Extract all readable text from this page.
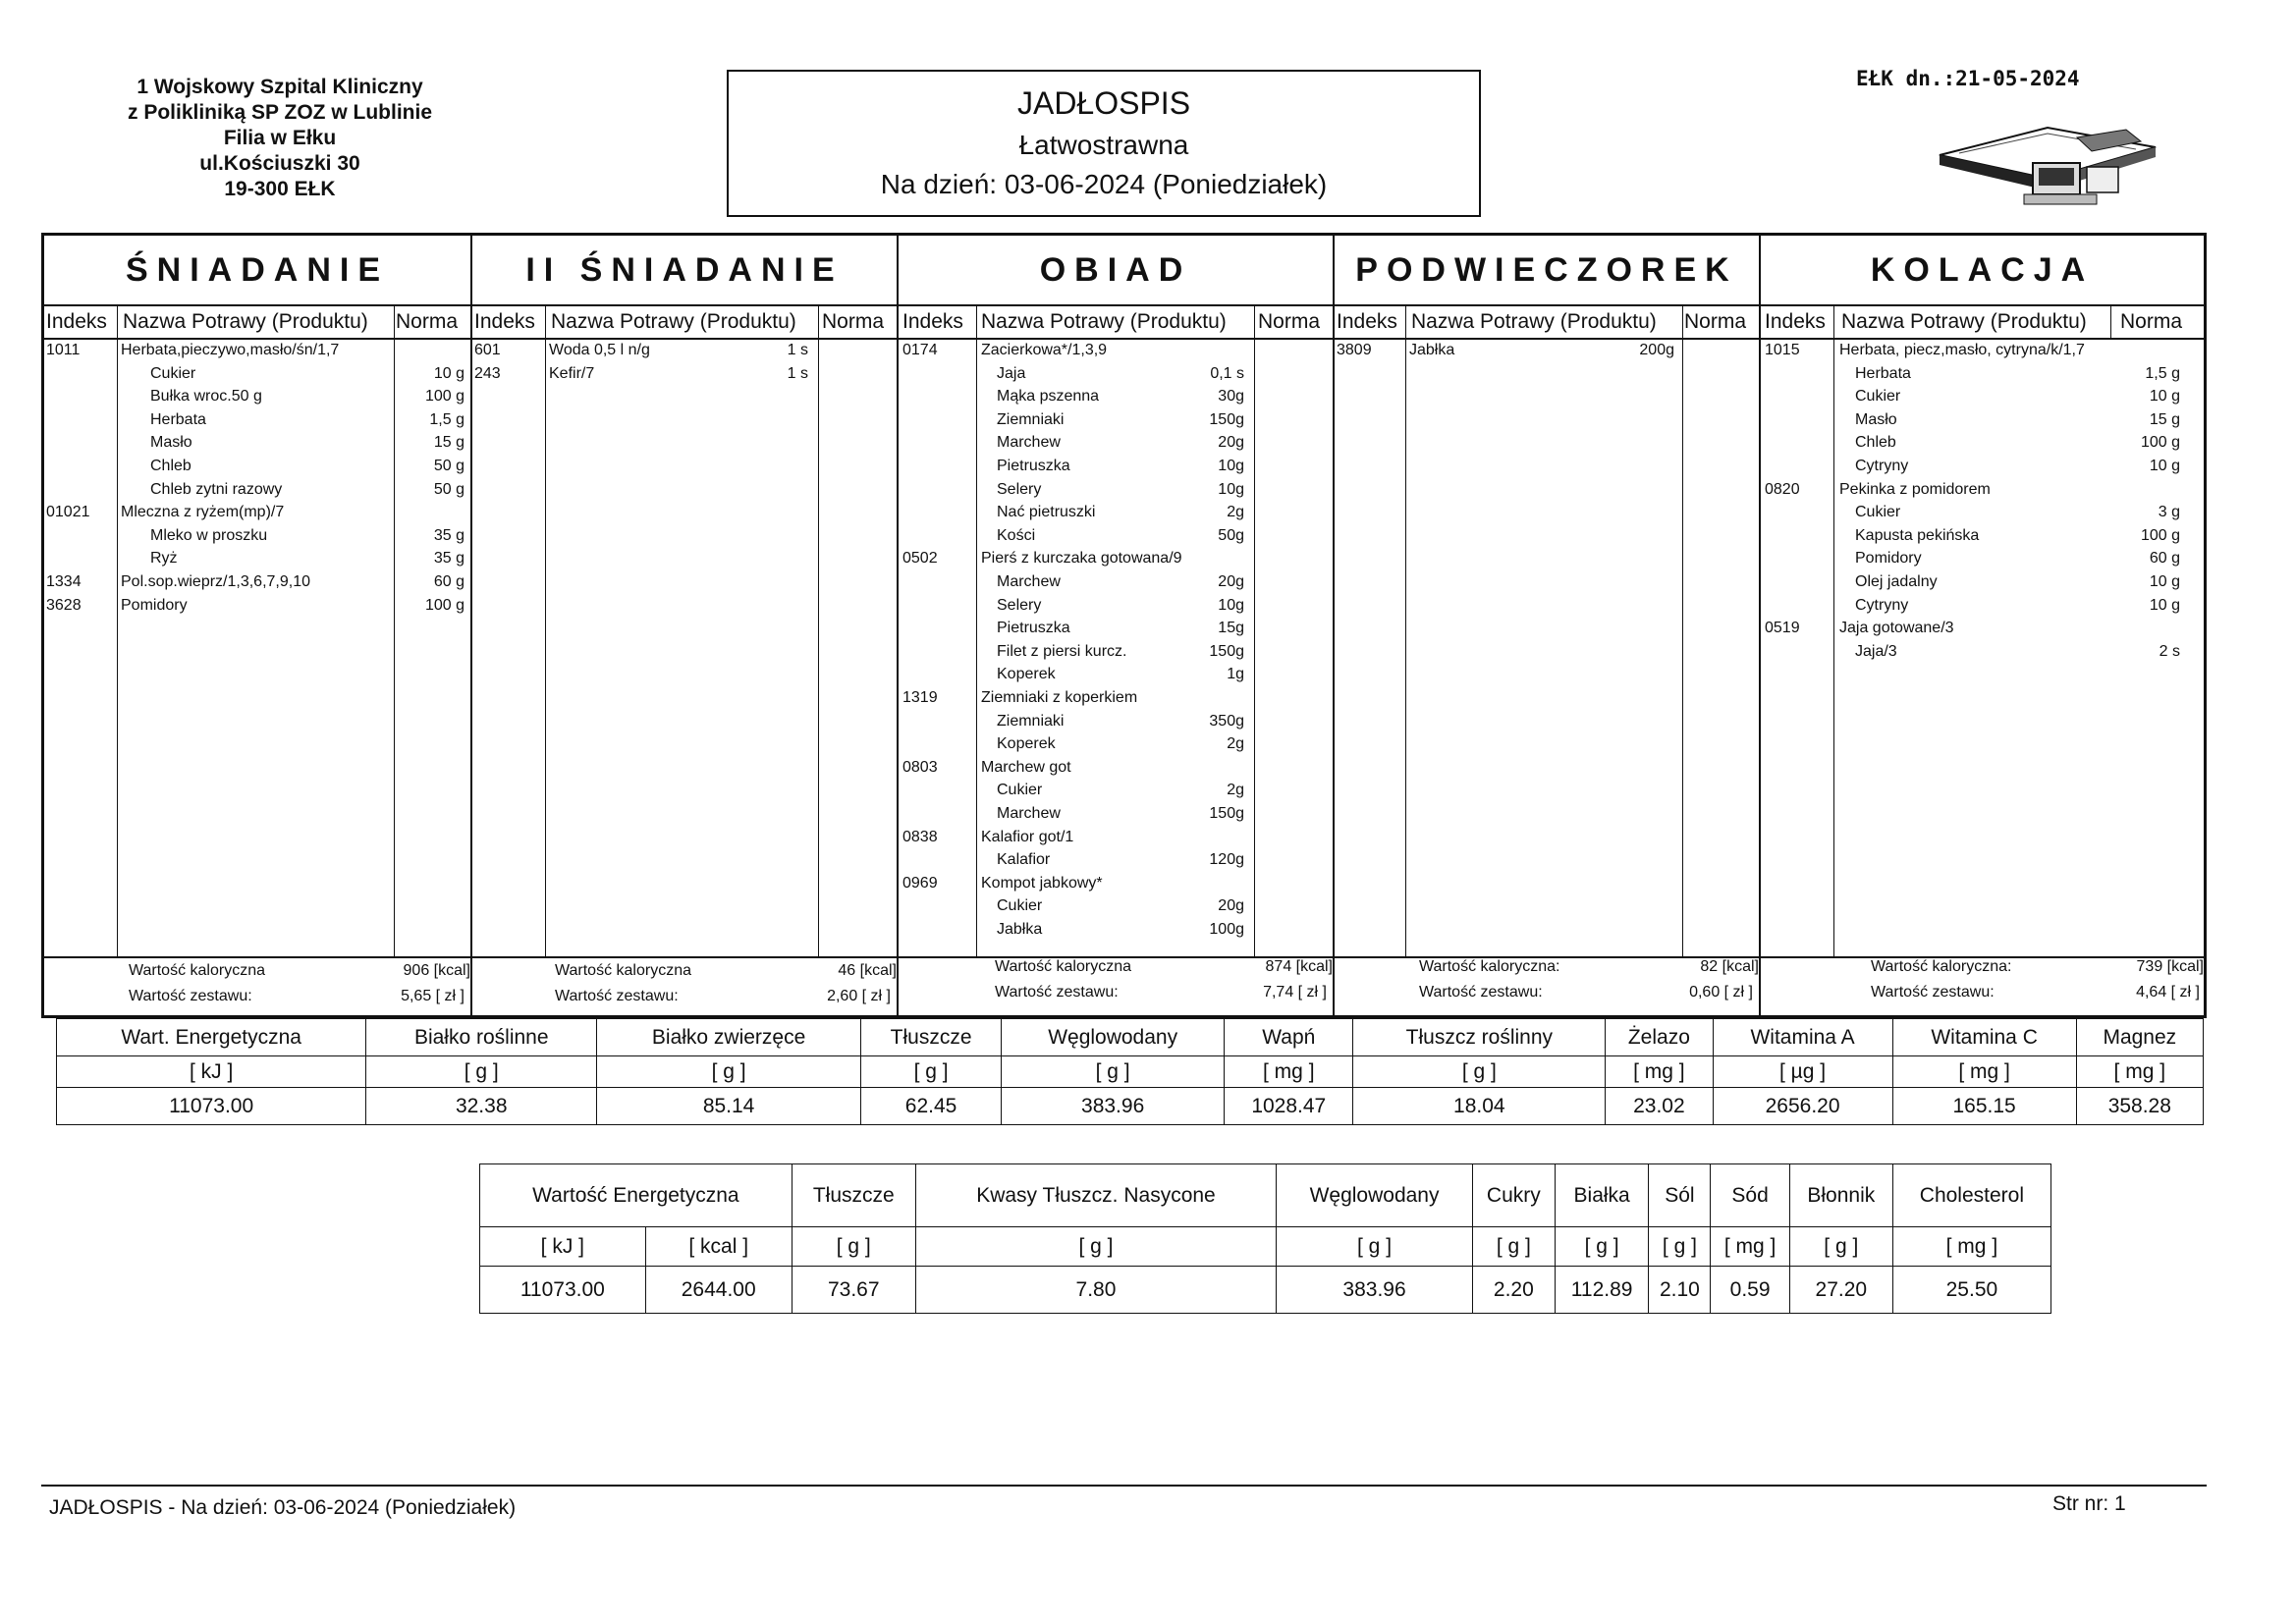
1 Wojskowy Szpital Kliniczny
z Polikliniką SP ZOZ w Lublinie
Filia w Ełku
ul.Kościuszki 30
19-300 EŁK
JADŁOSPIS
Łatwostrawna
Na dzień: 03-06-2024 (Poniedziałek)
EŁK dn.:21-05-2024
ŚNIADANIE
Indeks Nazwa Potrawy (Produktu) Norma
1011	Herbata,pieczywo,masło/śn/1,7
Cukier	10 g
Bułka wroc.50 g	100 g
Herbata	1,5 g
Masło	15 g
Chleb	50 g
Chleb zytni razowy	50 g
01021 Mleczna z ryżem(mp)/7
Mleko w proszku	35 g
Ryż	35 g
1334	Pol.sop.wieprz/1,3,6,7,9,10	60 g
3628	Pomidory	100 g
Wartość kaloryczna	906 [kcal]
Wartość zestawu:	5,65 [ zł ]
II ŚNIADANIE
Indeks Nazwa Potrawy (Produktu) Norma
601	Woda 0,5 l n/g	1 s
243	Kefir/7	1 s
Wartość kaloryczna	46 [kcal]
Wartość zestawu:	2,60 [ zł ]
OBIAD
Indeks Nazwa Potrawy (Produktu) Norma
0174	Zacierkowa*/1,3,9
Jaja	0,1 s
Mąka pszenna	30g
Ziemniaki	150g
Marchew	20g
Pietruszka	10g
Selery	10g
Nać pietruszki	2g
Kości	50g
0502	Pierś z kurczaka gotowana/9
Marchew	20g
Selery	10g
Pietruszka	15g
Filet z piersi kurcz.	150g
Koperek	1g
1319	Ziemniaki z koperkiem
Ziemniaki	350g
Koperek	2g
0803	Marchew got
Cukier	2g
Marchew	150g
0838	Kalafior got/1
Kalafior	120g
0969	Kompot jabkowy*
Cukier	20g
Jabłka	100g
Wartość kaloryczna	874 [kcal]
Wartość zestawu:	7,74 [ zł ]
PODWIECZOREK
Indeks Nazwa Potrawy (Produktu) Norma
3809 Jabłka	200g
Wartość kaloryczna:	82 [kcal]
Wartość zestawu:	0,60 [ zł ]
KOLACJA
Indeks Nazwa Potrawy (Produktu) Norma
1015	Herbata, piecz,masło, cytryna/k/1,7
Herbata	1,5 g
Cukier	10 g
Masło	15 g
Chleb	100 g
Cytryny	10 g
0820	Pekinka z pomidorem
Cukier	3 g
Kapusta pekińska	100 g
Pomidory	60 g
Olej jadalny	10 g
Cytryny	10 g
0519	Jaja gotowane/3
Jaja/3	2 s
Wartość kaloryczna:	739 [kcal]
Wartość zestawu:	4,64 [ zł ]
Wart. Energetyczna	Białko roślinne	Białko zwierzęce	Tłuszcze	Węglowodany	Wapń	Tłuszcz roślinny	Żelazo	Witamina A	Witamina C	Magnez
[ kJ ]	[ g ]	[ g ]	[ g ]	[ g ]	[ mg ]	[ g ]	[ mg ]	[ µg ]	[ mg ]	[ mg ]
11073.00	32.38	85.14	62.45	383.96	1028.47	18.04	23.02	2656.20	165.15	358.28
Wartość Energetyczna		Tłuszcze	Kwasy Tłuszcz. Nasycone	Węglowodany	Cukry	Białka	Sól	Sód	Błonnik	Cholesterol
[ kJ ]	[ kcal ]	[ g ]	[ g ]	[ g ]	[ g ]	[ g ]	[ g ]	[ mg ]	[ g ]	[ mg ]
11073.00	2644.00	73.67	7.80	383.96	2.20	112.89	2.10	0.59	27.20	25.50
JADŁOSPIS - Na dzień: 03-06-2024 (Poniedziałek)	Str nr: 1
